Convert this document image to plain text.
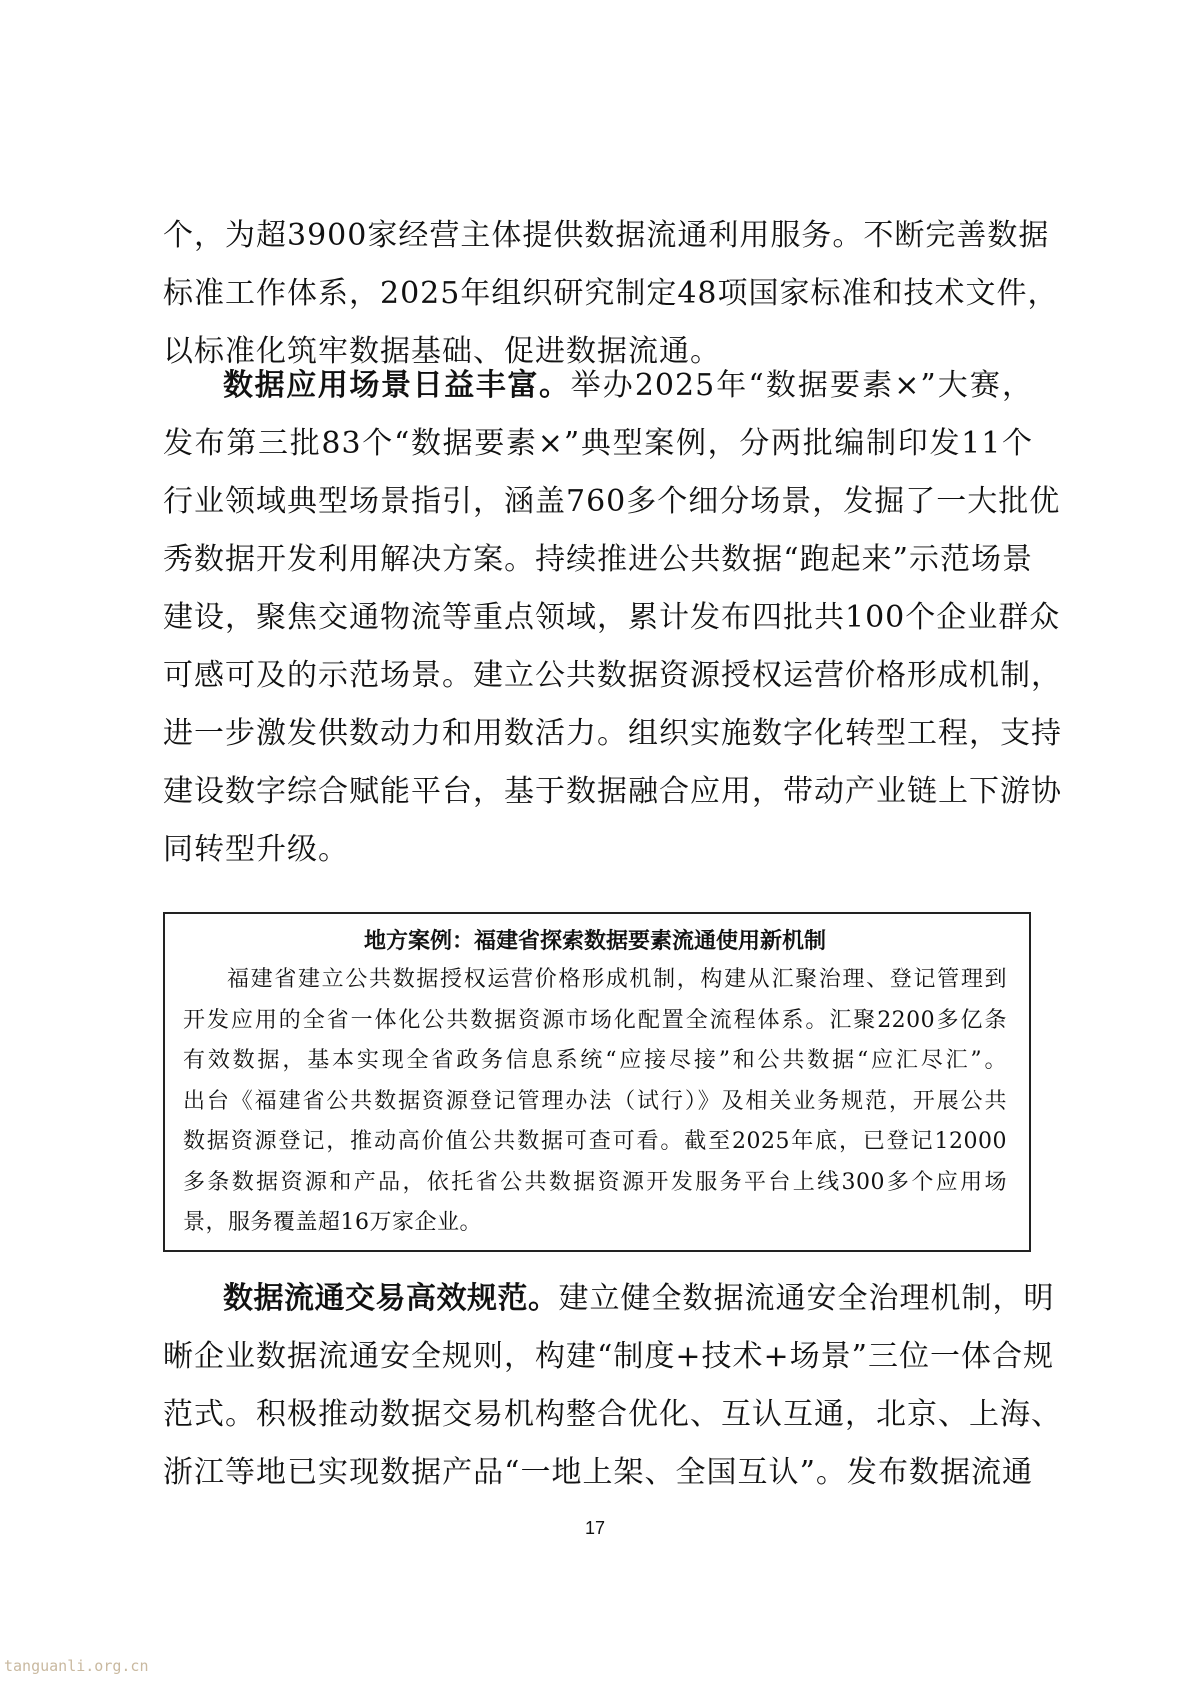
个，为超3900家经营主体提供数据流通利用服务。不断完善数据
标准工作体系，2025年组织研究制定48项国家标准和技术文件，
以标准化筑牢数据基础、促进数据流通。
数据应用场景日益丰富。举办2025年“数据要素×”大赛，
发布第三批83个“数据要素×”典型案例，分两批编制印发11个
行业领域典型场景指引，涵盖760多个细分场景，发掘了一大批优
秀数据开发利用解决方案。持续推进公共数据“跑起来”示范场景
建设，聚焦交通物流等重点领域，累计发布四批共100个企业群众
可感可及的示范场景。建立公共数据资源授权运营价格形成机制，
进一步激发供数动力和用数活力。组织实施数字化转型工程，支持
建设数字综合赋能平台，基于数据融合应用，带动产业链上下游协
同转型升级。
地方案例：福建省探索数据要素流通使用新机制
福建省建立公共数据授权运营价格形成机制，构建从汇聚治理、登记管理到
开发应用的全省一体化公共数据资源市场化配置全流程体系。汇聚2200多亿条
有效数据，基本实现全省政务信息系统“应接尽接”和公共数据“应汇尽汇”。
出台《福建省公共数据资源登记管理办法（试行）》及相关业务规范，开展公共
数据资源登记，推动高价值公共数据可查可看。截至2025年底，已登记12000
多条数据资源和产品，依托省公共数据资源开发服务平台上线300多个应用场
景，服务覆盖超16万家企业。
数据流通交易高效规范。建立健全数据流通安全治理机制，明
晰企业数据流通安全规则，构建“制度+技术+场景”三位一体合规
范式。积极推动数据交易机构整合优化、互认互通，北京、上海、
浙江等地已实现数据产品“一地上架、全国互认”。发布数据流通
17
tanguanli.org.cn
